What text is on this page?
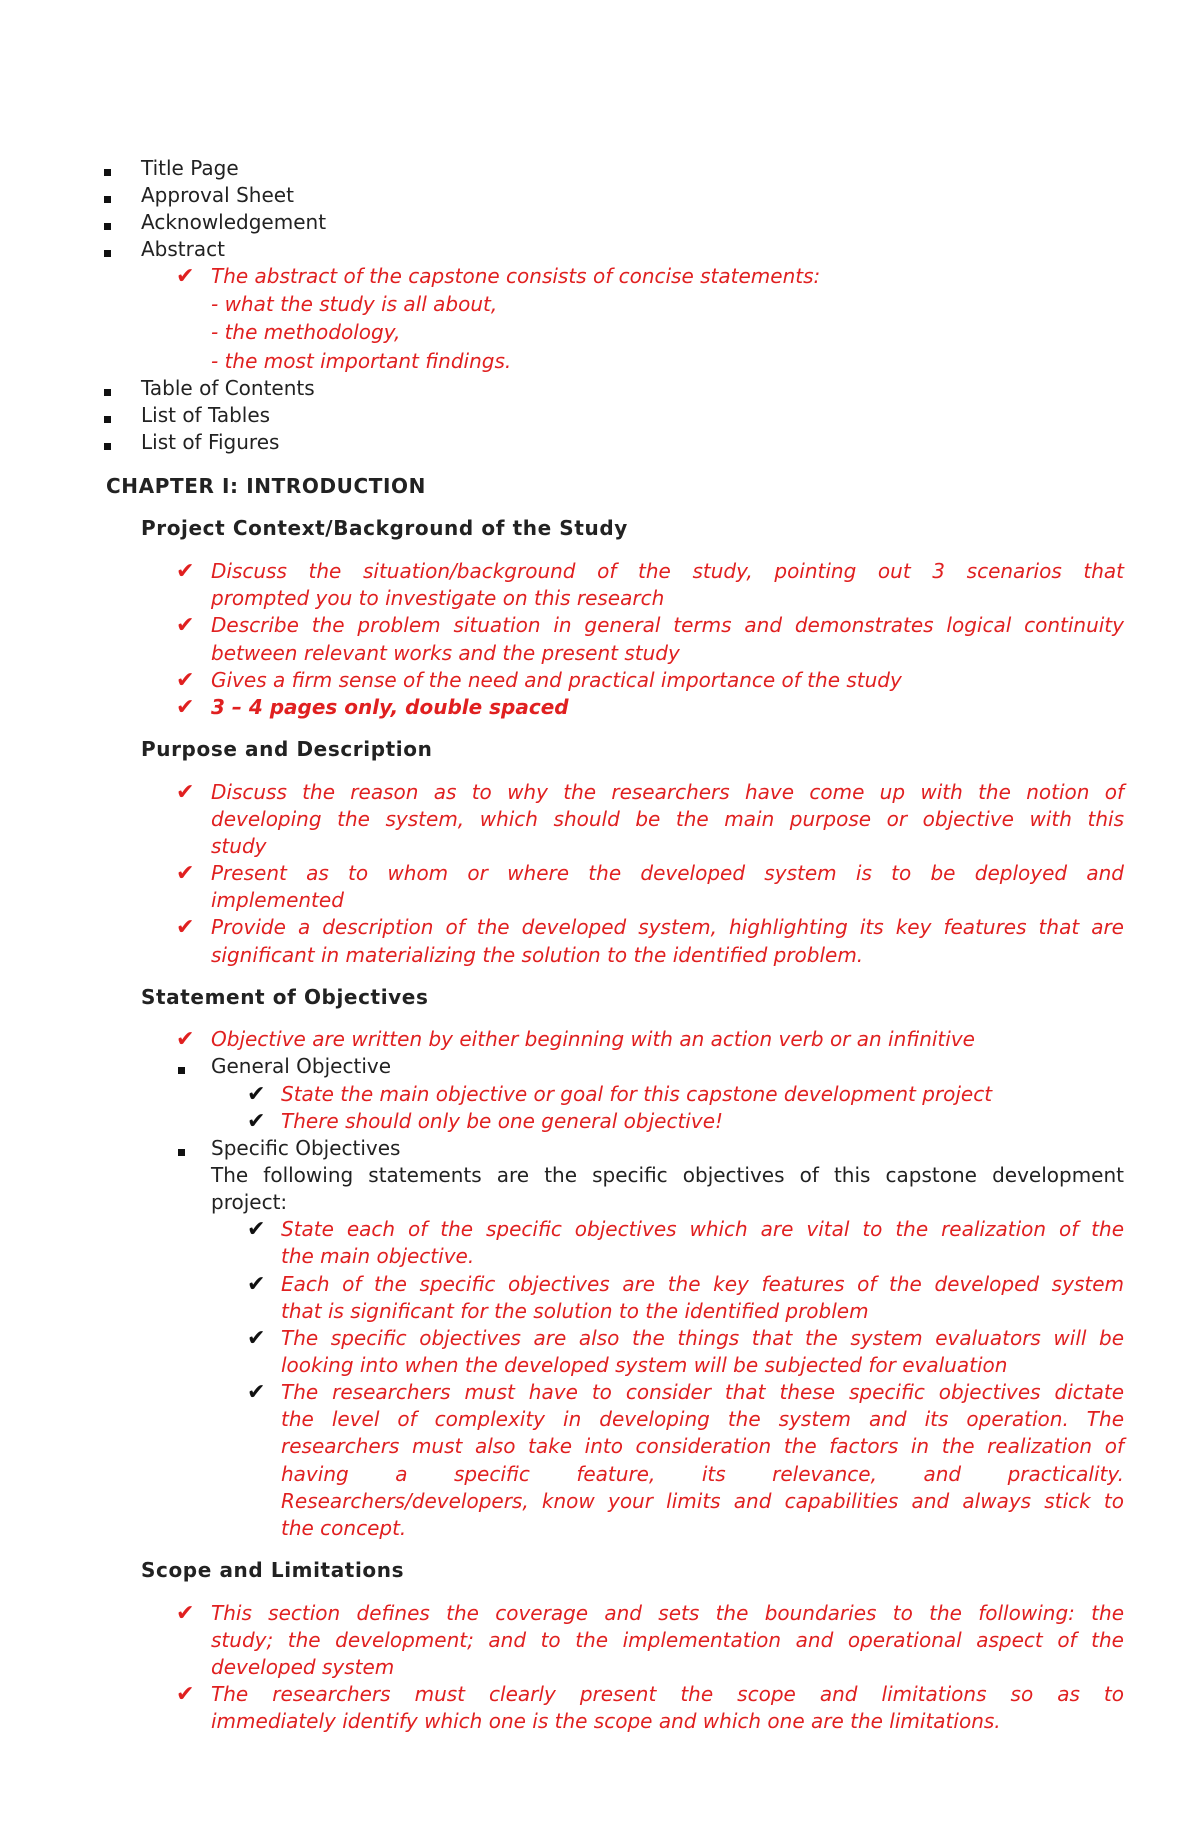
Title Page
Approval Sheet
Acknowledgement
Abstract
✔ The abstract of the capstone consists of concise statements:
- what the study is all about,
- the methodology,
- the most important findings.
Table of Contents
List of Tables
List of Figures
CHAPTER I: INTRODUCTION
Project Context/Background of the Study
✔ Discuss the situation/background of the study, pointing out 3 scenarios that
prompted you to investigate on this research
✔ Describe the problem situation in general terms and demonstrates logical continuity
between relevant works and the present study
✔ Gives a firm sense of the need and practical importance of the study
✔ 3 – 4 pages only, double spaced
Purpose and Description
✔ Discuss the reason as to why the researchers have come up with the notion of
developing the system, which should be the main purpose or objective with this
study
✔ Present as to whom or where the developed system is to be deployed and
implemented
✔ Provide a description of the developed system, highlighting its key features that are
significant in materializing the solution to the identified problem.
Statement of Objectives
✔ Objective are written by either beginning with an action verb or an infinitive
General Objective
✔ State the main objective or goal for this capstone development project
✔ There should only be one general objective!
Specific Objectives
The following statements are the specific objectives of this capstone development
project:
✔ State each of the specific objectives which are vital to the realization of the
the main objective.
✔ Each of the specific objectives are the key features of the developed system
that is significant for the solution to the identified problem
✔ The specific objectives are also the things that the system evaluators will be
looking into when the developed system will be subjected for evaluation
✔ The researchers must have to consider that these specific objectives dictate
the level of complexity in developing the system and its operation. The
researchers must also take into consideration the factors in the realization of
having a specific feature, its relevance, and practicality.
Researchers/developers, know your limits and capabilities and always stick to
the concept.
Scope and Limitations
✔ This section defines the coverage and sets the boundaries to the following: the
study; the development; and to the implementation and operational aspect of the
developed system
✔ The researchers must clearly present the scope and limitations so as to
immediately identify which one is the scope and which one are the limitations.
